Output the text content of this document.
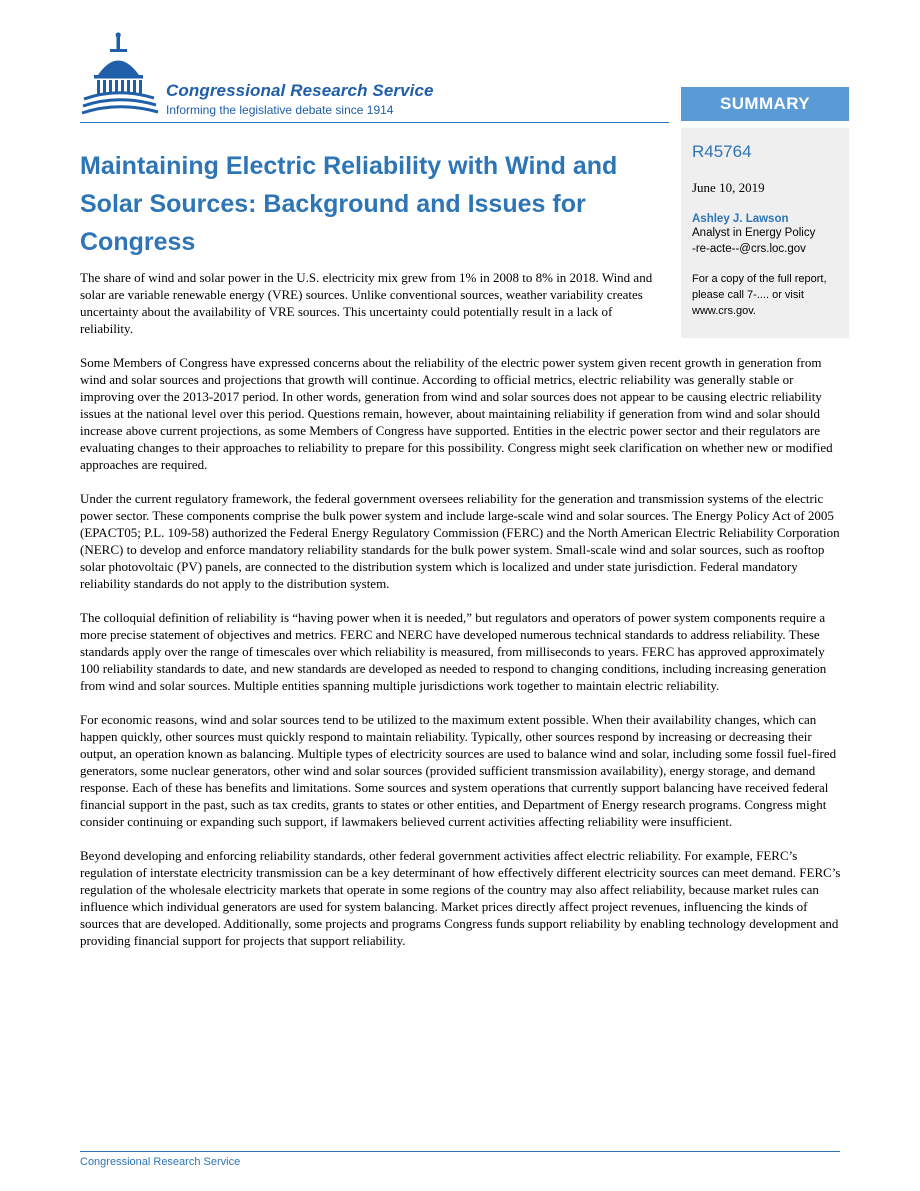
Congressional Research Service
Informing the legislative debate since 1914	SUMMARY
R45764
June 10, 2019
Ashley J. Lawson
Analyst in Energy Policy
-re-acte--@crs.loc.gov
For a copy of the full report,
please call 7-.... or visit
www.crs.gov.
Maintaining Electric Reliability with Wind and Solar Sources: Background and Issues for Congress

The share of wind and solar power in the U.S. electricity mix grew from 1% in 2008 to 8% in 2018. Wind and solar are variable renewable energy (VRE) sources. Unlike conventional sources, weather variability creates uncertainty about the availability of VRE sources. This uncertainty could potentially result in a lack of reliability.

Some Members of Congress have expressed concerns about the reliability of the electric power system given recent growth in generation from wind and solar sources and projections that growth will continue. According to official metrics, electric reliability was generally stable or improving over the 2013-2017 period. In other words, generation from wind and solar sources does not appear to be causing electric reliability issues at the national level over this period. Questions remain, however, about maintaining reliability if generation from wind and solar should increase above current projections, as some Members of Congress have supported. Entities in the electric power sector and their regulators are evaluating changes to their approaches to reliability to prepare for this possibility. Congress might seek clarification on whether new or modified approaches are required.

Under the current regulatory framework, the federal government oversees reliability for the generation and transmission systems of the electric power sector. These components comprise the bulk power system and include large-scale wind and solar sources. The Energy Policy Act of 2005 (EPACT05; P.L. 109-58) authorized the Federal Energy Regulatory Commission (FERC) and the North American Electric Reliability Corporation (NERC) to develop and enforce mandatory reliability standards for the bulk power system. Small-scale wind and solar sources, such as rooftop solar photovoltaic (PV) panels, are connected to the distribution system which is localized and under state jurisdiction. Federal mandatory reliability standards do not apply to the distribution system.

The colloquial definition of reliability is “having power when it is needed,” but regulators and operators of power system components require a more precise statement of objectives and metrics. FERC and NERC have developed numerous technical standards to address reliability. These standards apply over the range of timescales over which reliability is measured, from milliseconds to years. FERC has approved approximately 100 reliability standards to date, and new standards are developed as needed to respond to changing conditions, including increasing generation from wind and solar sources. Multiple entities spanning multiple jurisdictions work together to maintain electric reliability.

For economic reasons, wind and solar sources tend to be utilized to the maximum extent possible. When their availability changes, which can happen quickly, other sources must quickly respond to maintain reliability. Typically, other sources respond by increasing or decreasing their output, an operation known as balancing. Multiple types of electricity sources are used to balance wind and solar, including some fossil fuel-fired generators, some nuclear generators, other wind and solar sources (provided sufficient transmission availability), energy storage, and demand response. Each of these has benefits and limitations. Some sources and system operations that currently support balancing have received federal financial support in the past, such as tax credits, grants to states or other entities, and Department of Energy research programs. Congress might consider continuing or expanding such support, if lawmakers believed current activities affecting reliability were insufficient.

Beyond developing and enforcing reliability standards, other federal government activities affect electric reliability. For example, FERC’s regulation of interstate electricity transmission can be a key determinant of how effectively different electricity sources can meet demand. FERC’s regulation of the wholesale electricity markets that operate in some regions of the country may also affect reliability, because market rules can influence which individual generators are used for system balancing. Market prices directly affect project revenues, influencing the kinds of sources that are developed. Additionally, some projects and programs Congress funds support reliability by enabling technology development and providing financial support for projects that support reliability.

Congressional Research Service
